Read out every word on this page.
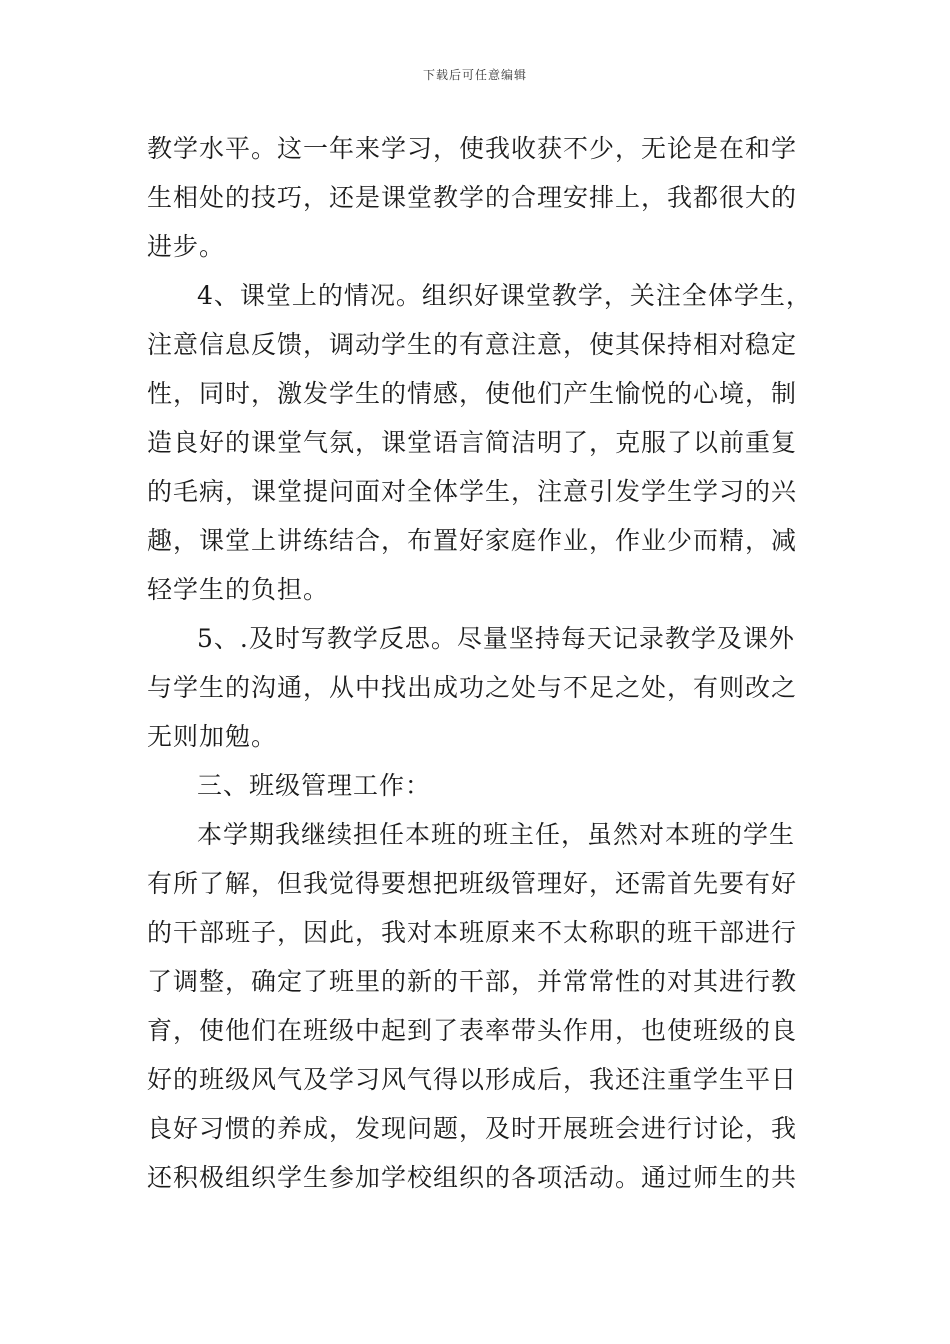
下载后可任意编辑
教学水平。这一年来学习，使我收获不少，无论是在和学
生相处的技巧，还是课堂教学的合理安排上，我都很大的
进步。
4、课堂上的情况。组织好课堂教学，关注全体学生，
注意信息反馈，调动学生的有意注意，使其保持相对稳定
性，同时，激发学生的情感，使他们产生愉悦的心境，制
造良好的课堂气氛，课堂语言简洁明了，克服了以前重复
的毛病，课堂提问面对全体学生，注意引发学生学习的兴
趣，课堂上讲练结合，布置好家庭作业，作业少而精，减
轻学生的负担。
5、.及时写教学反思。尽量坚持每天记录教学及课外
与学生的沟通，从中找出成功之处与不足之处，有则改之
无则加勉。
三、班级管理工作：
本学期我继续担任本班的班主任，虽然对本班的学生
有所了解，但我觉得要想把班级管理好，还需首先要有好
的干部班子，因此，我对本班原来不太称职的班干部进行
了调整，确定了班里的新的干部，并常常性的对其进行教
育，使他们在班级中起到了表率带头作用，也使班级的良
好的班级风气及学习风气得以形成后，我还注重学生平日
良好习惯的养成，发现问题，及时开展班会进行讨论，我
还积极组织学生参加学校组织的各项活动。通过师生的共
